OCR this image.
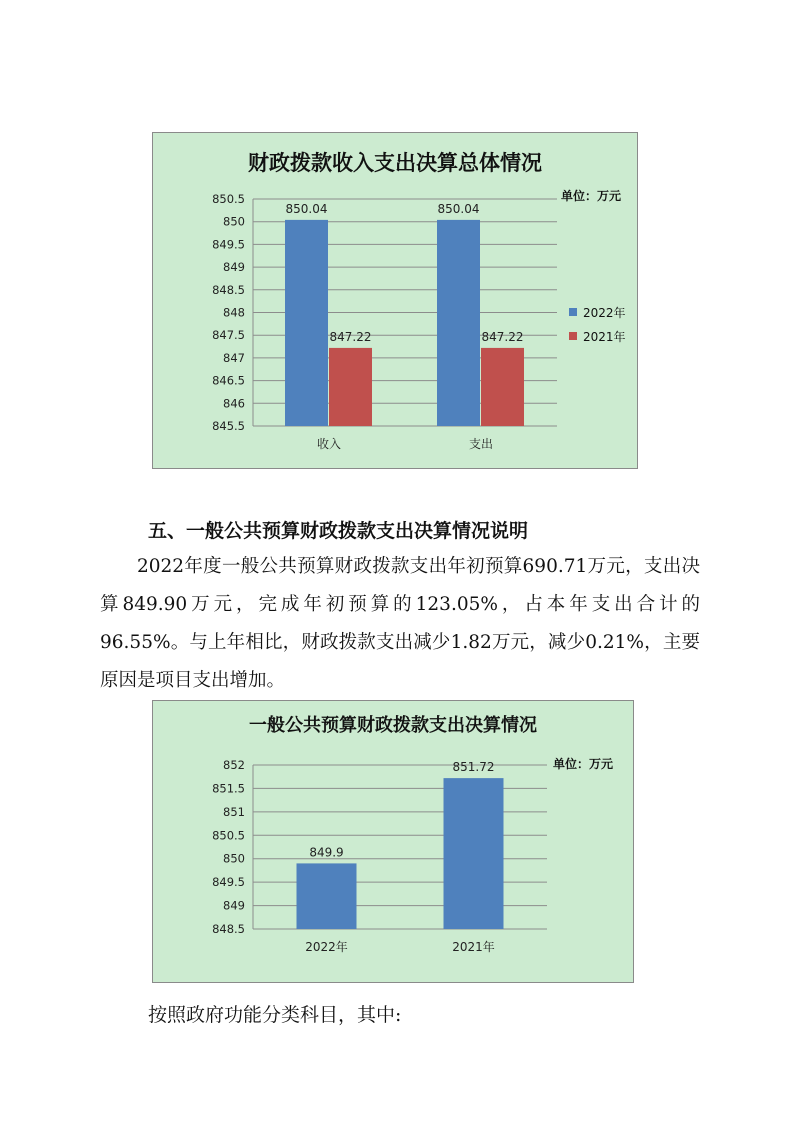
财政拨款收入支出决算总体情况
单位：万元
850.5
850
849.5
849
848.5
848
847.5
847
846.5
846
845.5
收入
850.04
847.22
支出
850.04
847.22
2022年
2021年
五、一般公共预算财政拨款支出决算情况说明
2022年度一般公共预算财政拨款支出年初预算690.71万元，支出决算849.90万元，完成年初预算的123.05%，占本年支出合计的96.55%。与上年相比，财政拨款支出减少1.82万元，减少0.21%，主要原因是项目支出增加。
一般公共预算财政拨款支出决算情况
单位：万元
852
851.5
851
850.5
850
849.5
849
848.5
2022年
849.9
2021年
851.72
按照政府功能分类科目，其中:
